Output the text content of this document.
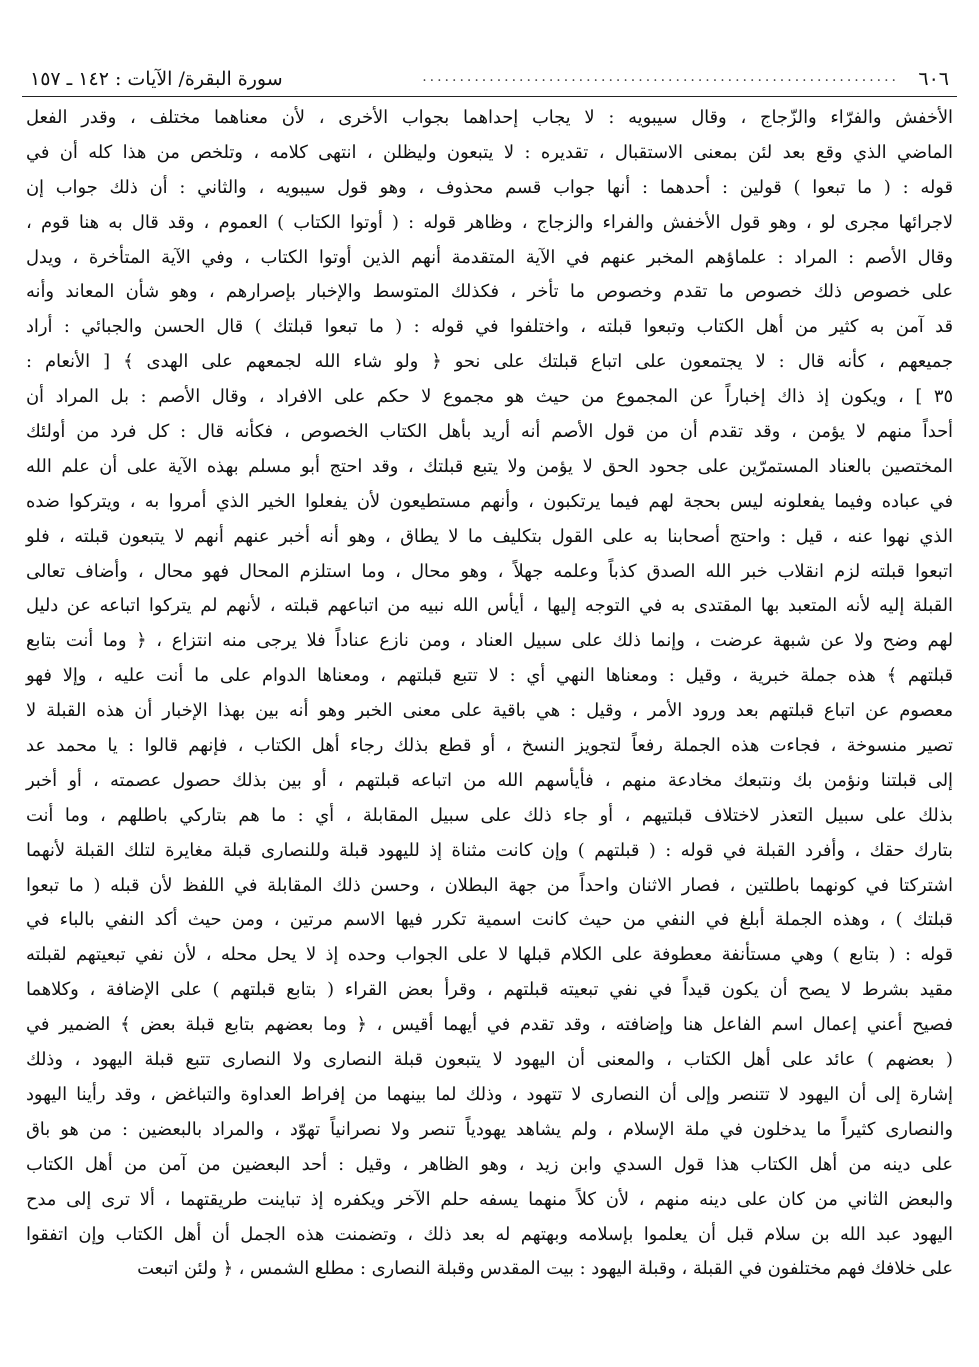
٦٠٦
................................................................
سورة البقرة/ الآيات : ١٤٢ ـ ١٥٧
الأخفش والفرّاء والزّجاج ، وقال سيبويه : لا يجاب إحداهما بجواب الأخرى ، لأن معناهما مختلف ، وقدر الفعل
الماضي الذي وقع بعد لئن بمعنى الاستقبال ، تقديره : لا يتبعون وليظلن ، انتهى كلامه ، وتلخص من هذا كله أن في
قوله : ( ما تبعوا ) قولين : أحدهما : أنها جواب قسم محذوف ، وهو قول سيبويه ، والثاني : أن ذلك جواب إن
لاجرائها مجرى لو ، وهو قول الأخفش والفراء والزجاج ، وظاهر قوله : ( أوتوا الكتاب ) العموم ، وقد قال به هنا قوم ،
وقال الأصم : المراد : علماؤهم المخبر عنهم في الآية المتقدمة أنهم الذين أوتوا الكتاب ، وفي الآية المتأخرة ، ويدل
على خصوص ذلك خصوص ما تقدم وخصوص ما تأخر ، فكذلك المتوسط والإخبار بإصرارهم ، وهو شأن المعاند وأنه
قد آمن به كثير من أهل الكتاب وتبعوا قبلته ، واختلفوا في قوله : ( ما تبعوا قبلتك ) قال الحسن والجبائي : أراد
جميعهم ، كأنه قال : لا يجتمعون على اتباع قبلتك على نحو ﴿ ولو شاء الله لجمعهم على الهدى ﴾ [ الأنعام :
٣٥ ] ، ويكون إذ ذاك إخباراً عن المجموع من حيث هو مجموع لا حكم على الافراد ، وقال الأصم : بل المراد أن
أحداً منهم لا يؤمن ، وقد تقدم أن من قول الأصم أنه أريد بأهل الكتاب الخصوص ، فكأنه قال : كل فرد من أولئك
المختصين بالعناد المستمرّين على جحود الحق لا يؤمن ولا يتبع قبلتك ، وقد احتج أبو مسلم بهذه الآية على أن علم الله
في عباده وفيما يفعلونه ليس بحجة لهم فيما يرتكبون ، وأنهم مستطيعون لأن يفعلوا الخير الذي أمروا به ، ويتركوا ضده
الذي نهوا عنه ، قيل : واحتج أصحابنا به على القول بتكليف ما لا يطاق ، وهو أنه أخبر عنهم أنهم لا يتبعون قبلته ، فلو
اتبعوا قبلته لزم انقلاب خبر الله الصدق كذباً وعلمه جهلاً ، وهو محال ، وما استلزم المحال فهو محال ، وأضاف تعالى
القبلة إليه لأنه المتعبد بها المقتدى به في التوجه إليها ، أيأس الله نبيه من اتباعهم قبلته ، لأنهم لم يتركوا اتباعه عن دليل
لهم وضح ولا عن شبهة عرضت ، وإنما ذلك على سبيل العناد ، ومن نازع عناداً فلا يرجى منه انتزاع ، ﴿ وما أنت بتابع
قبلتهم ﴾ هذه جملة خبرية ، وقيل : ومعناها النهي أي : لا تتبع قبلتهم ، ومعناها الدوام على ما أنت عليه ، وإلا فهو
معصوم عن اتباع قبلتهم بعد ورود الأمر ، وقيل : هي باقية على معنى الخبر وهو أنه بين بهذا الإخبار أن هذه القبلة لا
تصير منسوخة ، فجاءت هذه الجملة رفعاً لتجويز النسخ ، أو قطع بذلك رجاء أهل الكتاب ، فإنهم قالوا : يا محمد عد
إلى قبلتنا ونؤمن بك ونتبعك مخادعة منهم ، فأيأسهم الله من اتباعه قبلتهم ، أو بين بذلك حصول عصمته ، أو أخبر
بذلك على سبيل التعذر لاختلاف قبلتيهم ، أو جاء ذلك على سبيل المقابلة ، أي : ما هم بتاركي باطلهم ، وما أنت
بتارك حقك ، وأفرد القبلة في قوله : ( قبلتهم ) وإن كانت مثناة إذ لليهود قبلة وللنصارى قبلة مغايرة لتلك القبلة لأنهما
اشتركتا في كونهما باطلتين ، فصار الاثنان واحداً من جهة البطلان ، وحسن ذلك المقابلة في اللفظ لأن قبله ( ما تبعوا
قبلتك ) ، وهذه الجملة أبلغ في النفي من حيث كانت اسمية تكرر فيها الاسم مرتين ، ومن حيث أكد النفي بالباء في
قوله : ( بتابع ) وهي مستأنفة معطوفة على الكلام قبلها لا على الجواب وحده إذ لا يحل محله ، لأن نفي تبعيتهم لقبلته
مقيد بشرط لا يصح أن يكون قيداً في نفي تبعيته قبلتهم ، وقرأ بعض القراء ( بتابع قبلتهم ) على الإضافة ، وكلاهما
فصيح أعني إعمال اسم الفاعل هنا وإضافته ، وقد تقدم في أيهما أقيس ، ﴿ وما بعضهم بتابع قبلة بعض ﴾ الضمير في
( بعضهم ) عائد على أهل الكتاب ، والمعنى أن اليهود لا يتبعون قبلة النصارى ولا النصارى تتبع قبلة اليهود ، وذلك
إشارة إلى أن اليهود لا تتنصر وإلى أن النصارى لا تتهود ، وذلك لما بينهما من إفراط العداوة والتباغض ، وقد رأينا اليهود
والنصارى كثيراً ما يدخلون في ملة الإسلام ، ولم يشاهد يهودياً تنصر ولا نصرانياً تهوّد ، والمراد بالبعضين : من هو باق
على دينه من أهل الكتاب هذا قول السدي وابن زيد ، وهو الظاهر ، وقيل : أحد البعضين من آمن من أهل الكتاب
والبعض الثاني من كان على دينه منهم ، لأن كلاً منهما يسفه حلم الآخر ويكفره إذ تباينت طريقتهما ، ألا ترى إلى مدح
اليهود عبد الله بن سلام قبل أن يعلموا بإسلامه وبهتهم له بعد ذلك ، وتضمنت هذه الجمل أن أهل الكتاب وإن اتفقوا
على خلافك فهم مختلفون في القبلة ، وقبلة اليهود : بيت المقدس وقبلة النصارى : مطلع الشمس ، ﴿ ولئن اتبعت
